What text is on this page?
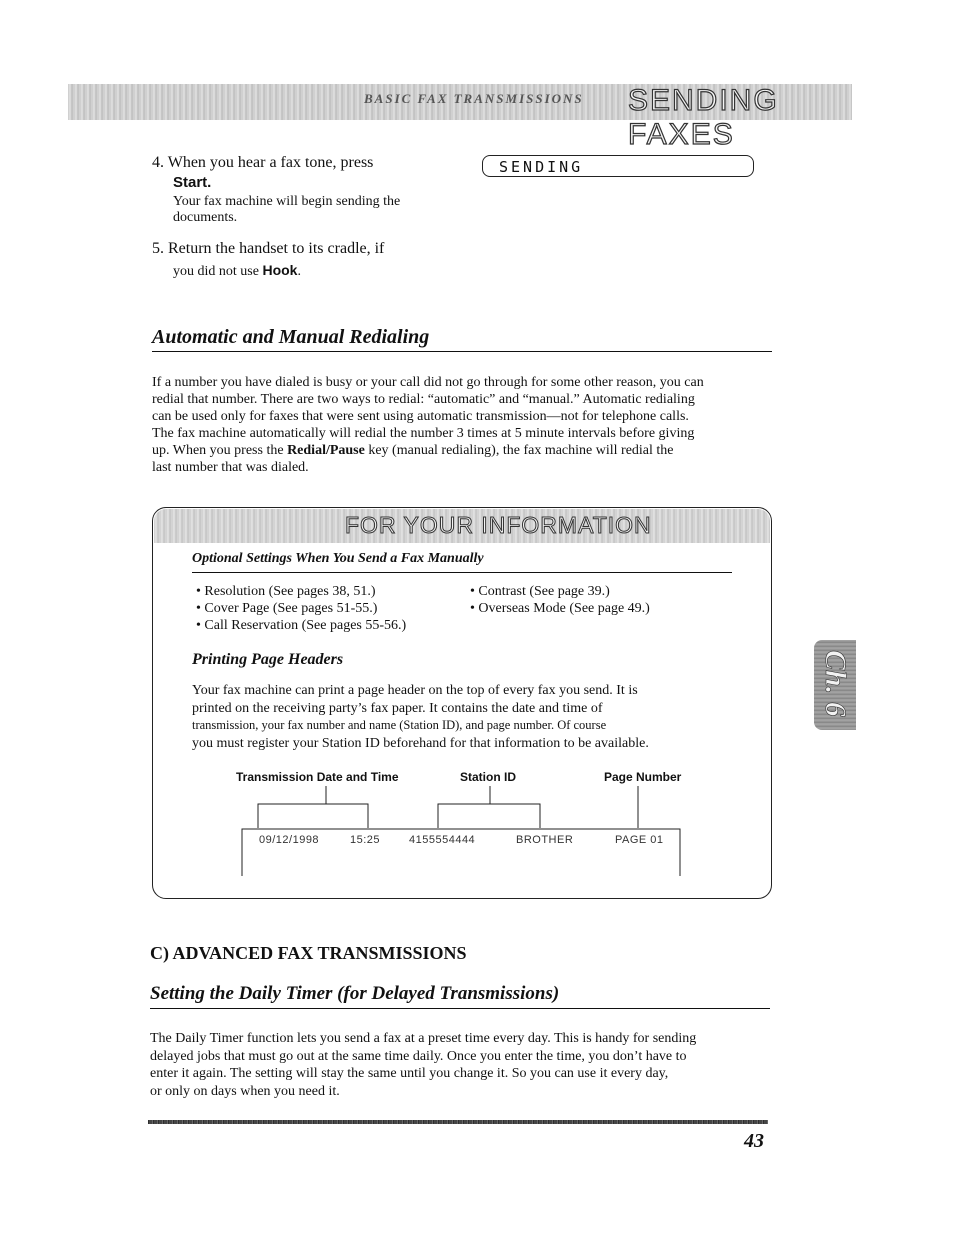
BASIC FAX TRANSMISSIONS SENDING FAXES
4. When you hear a fax tone, press
Start.
Your fax machine will begin sending the
documents.
SENDING
5. Return the handset to its cradle, if
you did not use Hook.
Automatic and Manual Redialing
If a number you have dialed is busy or your call did not go through for some other reason, you can
redial that number. There are two ways to redial: “automatic” and “manual.” Automatic redialing
can be used only for faxes that were sent using automatic transmission—not for telephone calls.
The fax machine automatically will redial the number 3 times at 5 minute intervals before giving
up. When you press the Redial/Pause key (manual redialing), the fax machine will redial the
last number that was dialed.
FOR YOUR INFORMATION
Optional Settings When You Send a Fax Manually
• Resolution (See pages 38, 51.)
• Cover Page (See pages 51-55.)
• Call Reservation (See pages 55-56.)
• Contrast (See page 39.)
• Overseas Mode (See page 49.)
Printing Page Headers
Your fax machine can print a page header on the top of every fax you send. It is
printed on the receiving party’s fax paper. It contains the date and time of
transmission, your fax number and name (Station ID), and page number. Of course
you must register your Station ID beforehand for that information to be available.
Transmission Date and Time	Station ID	Page Number
09/12/1998	15:25	4155554444	BROTHER	PAGE 01
C) ADVANCED FAX TRANSMISSIONS
Setting the Daily Timer (for Delayed Transmissions)
The Daily Timer function lets you send a fax at a preset time every day. This is handy for sending
delayed jobs that must go out at the same time daily. Once you enter the time, you don’t have to
enter it again. The setting will stay the same until you change it. So you can use it every day,
or only on days when you need it.
43
Ch. 6
